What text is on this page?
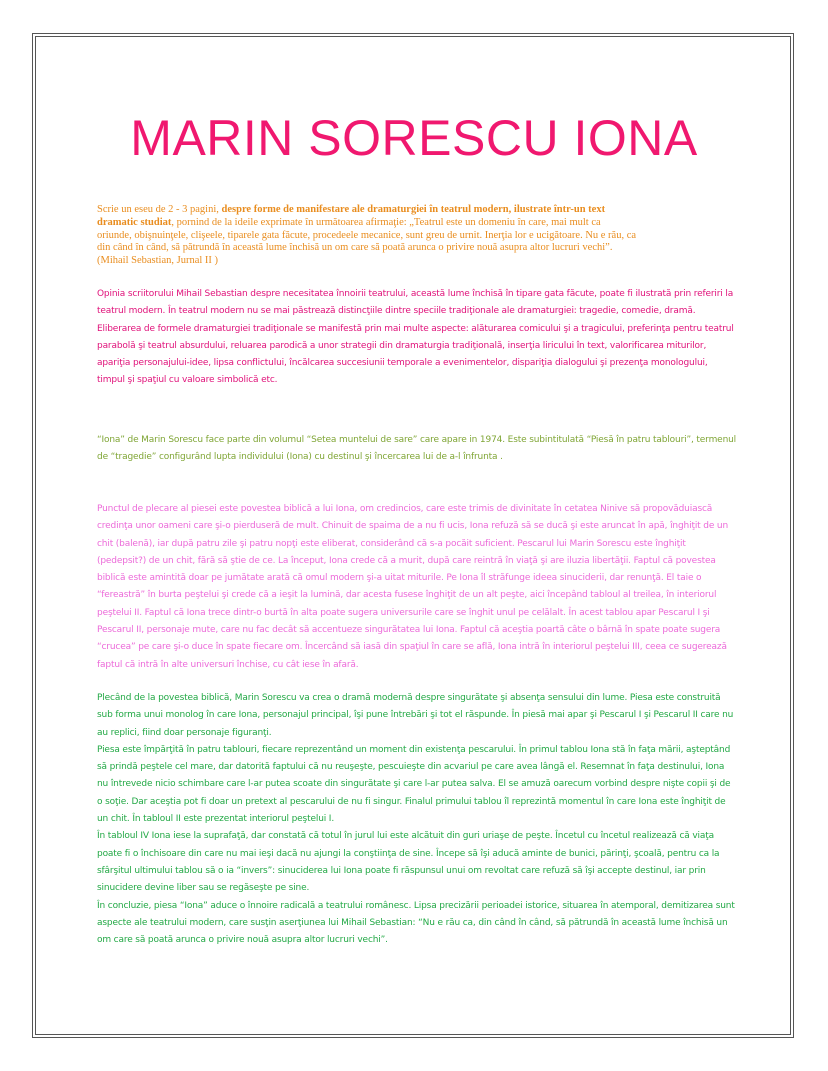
MARIN SORESCU IONA

Scrie un eseu de 2 - 3 pagini, despre forme de manifestare ale dramaturgiei în teatrul modern, ilustrate într-un text dramatic studiat, pornind de la ideile exprimate în următoarea afirmaţie: „Teatrul este un domeniu în care, mai mult ca oriunde, obişnuinţele, clişeele, tiparele gata făcute, procedeele mecanice, sunt greu de urnit. Inerţia lor e ucigătoare. Nu e rău, ca din când în când, să pătrundă în această lume închisă un om care să poată arunca o privire nouă asupra altor lucruri vechi”. (Mihail Sebastian, Jurnal II )

Opinia scriitorului Mihail Sebastian despre necesitatea înnoirii teatrului, această lume închisă în tipare gata făcute, poate fi ilustrată prin referiri la teatrul modern. În teatrul modern nu se mai păstrează distincţiile dintre speciile tradiţionale ale dramaturgiei: tragedie, comedie, dramă. Eliberarea de formele dramaturgiei tradiţionale se manifestă prin mai multe aspecte: alăturarea comicului şi a tragicului, preferinţa pentru teatrul parabolă şi teatrul absurdului, reluarea parodică a unor strategii din dramaturgia tradiţională, inserţia liricului în text, valorificarea miturilor, apariţia personajului-idee, lipsa conflictului, încălcarea succesiunii temporale a evenimentelor, dispariţia dialogului şi prezenţa monologului, timpul şi spaţiul cu valoare simbolică etc.

“Iona” de Marin Sorescu face parte din volumul “Setea muntelui de sare” care apare in 1974. Este subintitulată “Piesă în patru tablouri”, termenul de “tragedie” configurând lupta individului (Iona) cu destinul şi încercarea lui de a-l înfrunta .

Punctul de plecare al piesei este povestea biblică a lui Iona, om credincios, care este trimis de divinitate în cetatea Ninive să propovăduiască credinţa unor oameni care şi-o pierduseră de mult. Chinuit de spaima de a nu fi ucis, Iona refuză să se ducă şi este aruncat în apă, înghiţit de un chit (balenă), iar după patru zile şi patru nopţi este eliberat, considerând că s-a pocăit suficient. Pescarul lui Marin Sorescu este înghiţit (pedepsit?) de un chit, fără să ştie de ce. La început, Iona crede că a murit, după care reintră în viaţă şi are iluzia libertăţii. Faptul că povestea biblică este amintită doar pe jumătate arată că omul modern şi-a uitat miturile. Pe Iona îl străfunge ideea sinuciderii, dar renunţă. El taie o “fereastră” în burta peştelui şi crede că a ieşit la lumină, dar acesta fusese înghiţit de un alt peşte, aici începând tabloul al treilea, în interiorul peştelui II. Faptul că Iona trece dintr-o burtă în alta poate sugera universurile care se înghit unul pe celălalt. În acest tablou apar Pescarul I şi Pescarul II, personaje mute, care nu fac decât să accentueze singurătatea lui Iona. Faptul că aceştia poartă câte o bârnă în spate poate sugera “crucea” pe care şi-o duce în spate fiecare om. Încercând să iasă din spaţiul în care se află, Iona intră în interiorul peştelui III, ceea ce sugerează faptul că intră în alte universuri închise, cu cât iese în afară.

Plecând de la povestea biblică, Marin Sorescu va crea o dramă modernă despre singurătate şi absenţa sensului din lume. Piesa este construită sub forma unui monolog în care Iona, personajul principal, îşi pune întrebări şi tot el răspunde. În piesă mai apar şi Pescarul I şi Pescarul II care nu au replici, fiind doar personaje figuranţi.
Piesa este împărţită în patru tablouri, fiecare reprezentând un moment din existenţa pescarului. În primul tablou Iona stă în faţa mării, aşteptând să prindă peştele cel mare, dar datorită faptului că nu reuşeşte, pescuieşte din acvariul pe care avea lângă el. Resemnat în faţa destinului, Iona nu întrevede nicio schimbare care l-ar putea scoate din singurătate şi care l-ar putea salva. El se amuză oarecum vorbind despre nişte copii şi de o soţie. Dar aceştia pot fi doar un pretext al pescarului de nu fi singur. Finalul primului tablou îl reprezintă momentul în care Iona este înghiţit de un chit. În tabloul II este prezentat interiorul peştelui I.
În tabloul IV Iona iese la suprafaţă, dar constată că totul în jurul lui este alcătuit din guri uriaşe de peşte. Încetul cu încetul realizează că viaţa poate fi o închisoare din care nu mai ieşi dacă nu ajungi la conştiinţa de sine. Începe să îşi aducă aminte de bunici, părinţi, şcoală, pentru ca la sfârşitul ultimului tablou să o ia “invers”: sinuciderea lui Iona poate fi răspunsul unui om revoltat care refuză să îşi accepte destinul, iar prin sinucidere devine liber sau se regăseşte pe sine.
În concluzie, piesa “Iona” aduce o înnoire radicală a teatrului românesc. Lipsa precizării perioadei istorice, situarea în atemporal, demitizarea sunt aspecte ale teatrului modern, care susţin aserţiunea lui Mihail Sebastian: “Nu e rău ca, din când în când, să pătrundă în această lume închisă un om care să poată arunca o privire nouă asupra altor lucruri vechi”.
